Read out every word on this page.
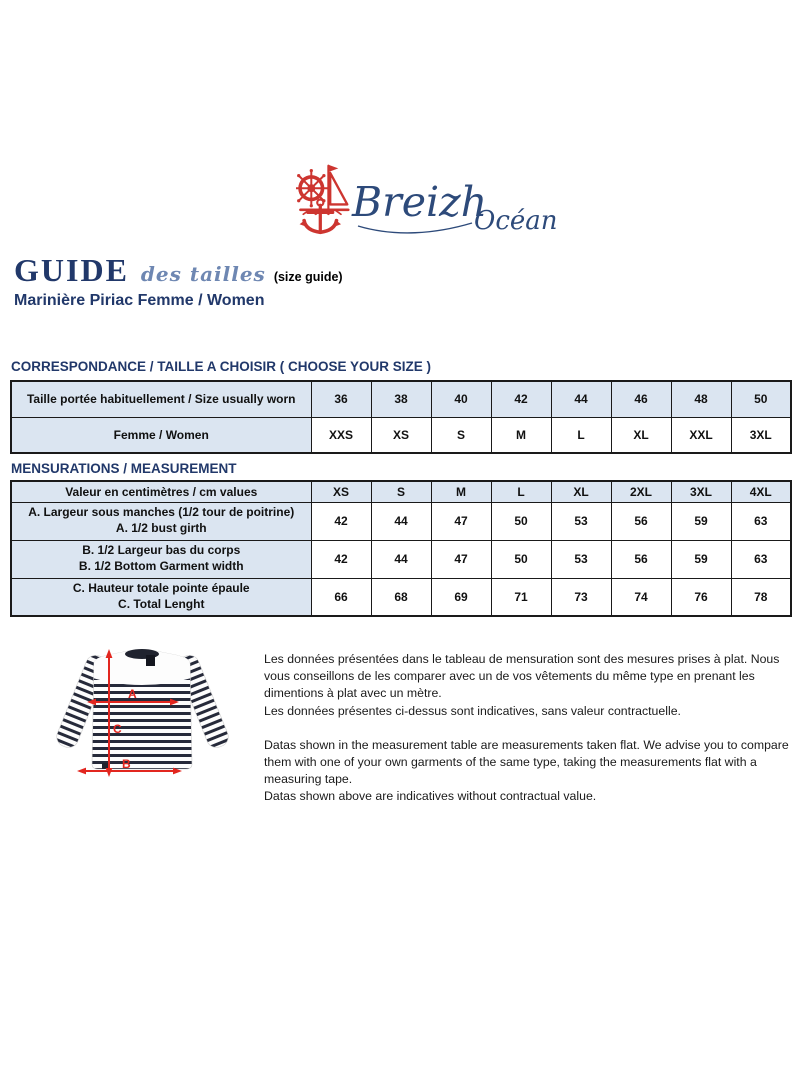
Breizh
Océan
GUIDE des tailles (size guide)
Marinière Piriac Femme / Women
CORRESPONDANCE / TAILLE A CHOISIR ( CHOOSE YOUR SIZE )
Taille portée habituellement / Size usually worn	36	38	40	42	44	46	48	50
Femme / Women	XXS	XS	S	M	L	XL	XXL	3XL
MENSURATIONS / MEASUREMENT
Valeur en centimètres / cm values	XS	S	M	L	XL	2XL	3XL	4XL

A. Largeur sous manches (1/2 tour de poitrine)
A. 1/2 bust girth	42	44	47	50	53	56	59	63

B. 1/2 Largeur bas du corps
B. 1/2 Bottom Garment width	42	44	47	50	53	56	59	63

C. Hauteur totale pointe épaule
C. Total Lenght	66	68	69	71	73	74	76	78
A
C
B

Les données présentées dans le tableau de mensuration sont des mesures prises à plat. Nous vous conseillons de les comparer avec un de vos vêtements du même type en prenant les dimentions à plat avec un mètre.

Les données présentes ci-dessus sont indicatives, sans valeur contractuelle.

Datas shown in the measurement table are measurements taken flat. We advise you to compare them with one of your own garments of the same type, taking the measurements flat with a measuring tape.

Datas shown above are indicatives without contractual value.
